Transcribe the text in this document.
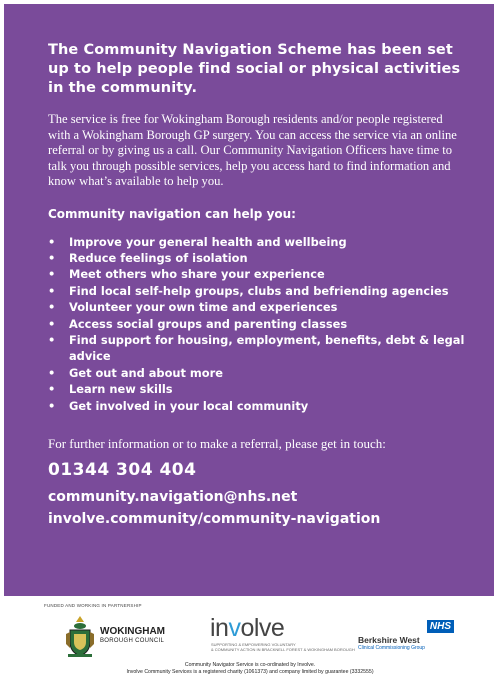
The Community Navigation Scheme has been set up to help people find social or physical activities in the community.

The service is free for Wokingham Borough residents and/or people registered with a Wokingham Borough GP surgery. You can access the service via an online referral or by giving us a call. Our Community Navigation Officers have time to talk you through possible services, help you access hard to find information and know what’s available to help you.

Community navigation can help you:

• Improve your general health and wellbeing
• Reduce feelings of isolation
• Meet others who share your experience
• Find local self-help groups, clubs and befriending agencies
• Volunteer your own time and experiences
• Access social groups and parenting classes
• Find support for housing, employment, benefits, debt & legal advice
• Get out and about more
• Learn new skills
• Get involved in your local community

For further information or to make a referral, please get in touch:

01344 304 404

community.navigation@nhs.net

involve.community/community-navigation

FUNDED AND WORKING IN PARTNERSHIP
WOKINGHAM
BOROUGH COUNCIL involve
SUPPORTING & EMPOWERING VOLUNTARY
& COMMUNITY ACTION IN BRACKNELL FOREST & WOKINGHAM BOROUGH
NHS
Berkshire West
Clinical Commissioning Group
Community Navigator Service is co-ordinated by Involve.
Involve Community Services is a registered charity (1061373) and company limited by guarantee (3332555)
